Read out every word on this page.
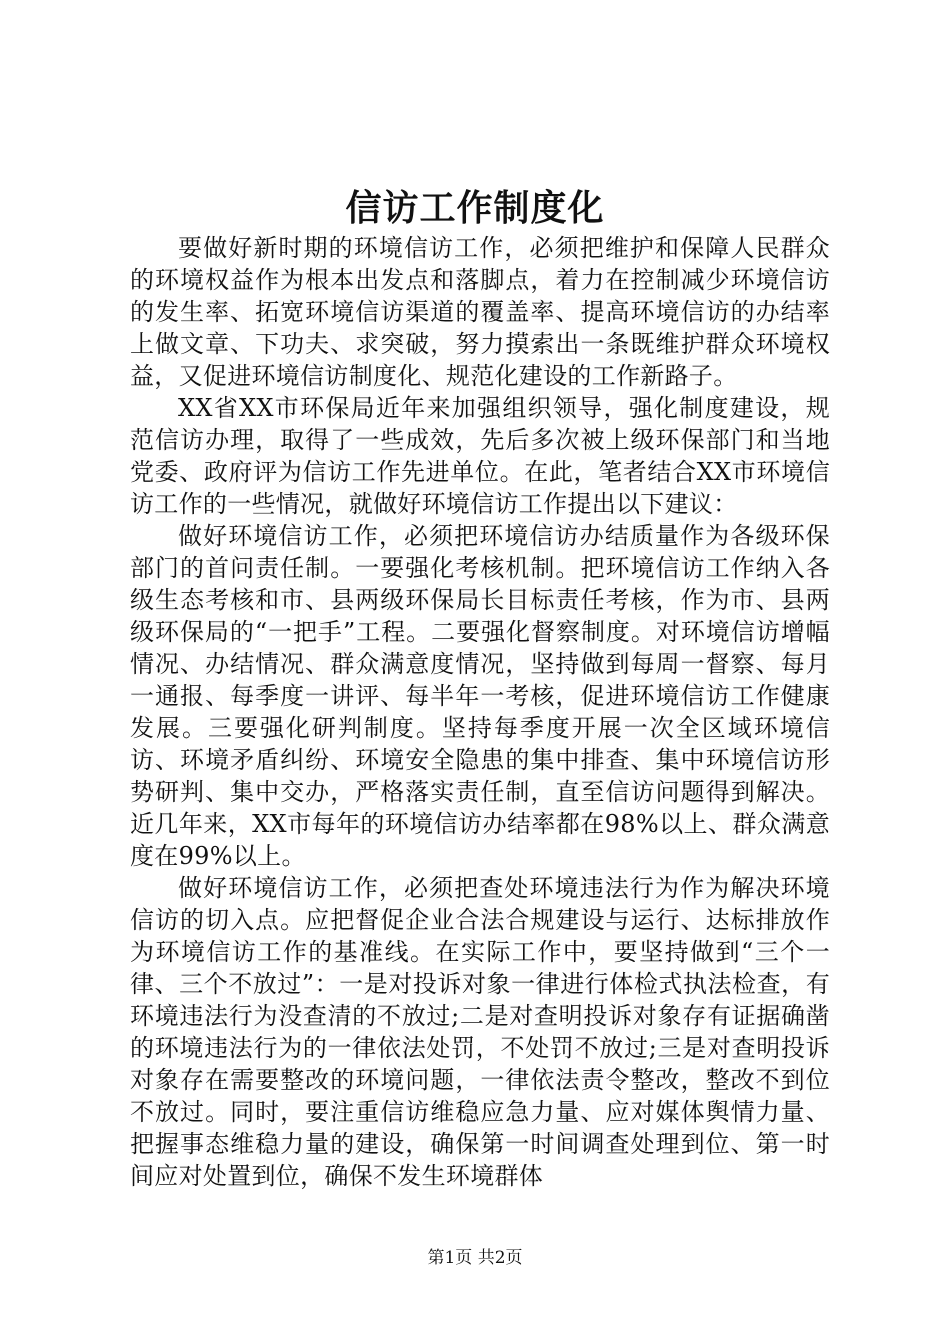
信访工作制度化

要做好新时期的环境信访工作，必须把维护和保障人民群众的环境权益作为根本出发点和落脚点，着力在控制减少环境信访的发生率、拓宽环境信访渠道的覆盖率、提高环境信访的办结率上做文章、下功夫、求突破，努力摸索出一条既维护群众环境权益，又促进环境信访制度化、规范化建设的工作新路子。

XX省XX市环保局近年来加强组织领导，强化制度建设，规范信访办理，取得了一些成效，先后多次被上级环保部门和当地党委、政府评为信访工作先进单位。在此，笔者结合XX市环境信访工作的一些情况，就做好环境信访工作提出以下建议：

做好环境信访工作，必须把环境信访办结质量作为各级环保部门的首问责任制。一要强化考核机制。把环境信访工作纳入各级生态考核和市、县两级环保局长目标责任考核，作为市、县两级环保局的“一把手”工程。二要强化督察制度。对环境信访增幅情况、办结情况、群众满意度情况，坚持做到每周一督察、每月一通报、每季度一讲评、每半年一考核，促进环境信访工作健康发展。三要强化研判制度。坚持每季度开展一次全区域环境信访、环境矛盾纠纷、环境安全隐患的集中排查、集中环境信访形势研判、集中交办，严格落实责任制，直至信访问题得到解决。近几年来，XX市每年的环境信访办结率都在98%以上、群众满意度在99%以上。

做好环境信访工作，必须把查处环境违法行为作为解决环境信访的切入点。应把督促企业合法合规建设与运行、达标排放作为环境信访工作的基准线。在实际工作中，要坚持做到“三个一律、三个不放过”：一是对投诉对象一律进行体检式执法检查，有环境违法行为没查清的不放过;二是对查明投诉对象存有证据确凿的环境违法行为的一律依法处罚，不处罚不放过;三是对查明投诉对象存在需要整改的环境问题，一律依法责令整改，整改不到位不放过。同时，要注重信访维稳应急力量、应对媒体舆情力量、把握事态维稳力量的建设，确保第一时间调查处理到位、第一时间应对处置到位，确保不发生环境群体

第1页 共2页
